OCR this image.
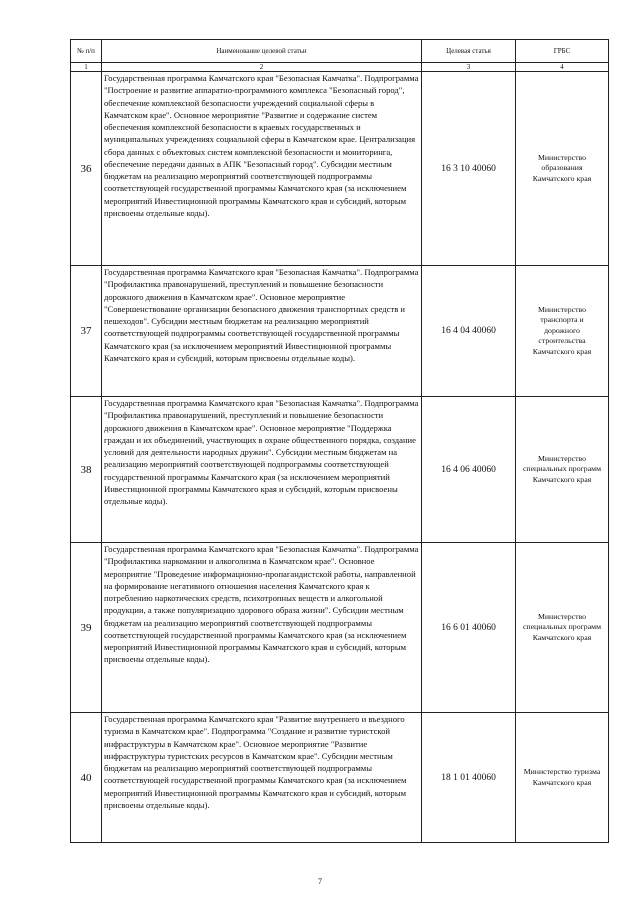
№ п/п	Наименование целевой статьи	Целевая статья	ГРБС
1	2	3	4
36	Государственная программа Камчатского края "Безопасная Камчатка". Подпрограмма "Построение и развитие аппаратно-программного комплекса "Безопасный город", обеспечение комплексной безопасности учреждений социальной сферы в Камчатском крае". Основное мероприятие "Развитие и содержание систем обеспечения комплексной безопасности в краевых государственных и муниципальных учреждениях социальной сферы в Камчатском крае. Централизация сбора данных с объектовых систем комплексной безопасности и мониторинга, обеспечение передачи данных в АПК "Безопасный город". Субсидии местным бюджетам на реализацию мероприятий соответствующей подпрограммы соответствующей государственной программы Камчатского края (за исключением мероприятий Инвестиционной программы Камчатского края и субсидий, которым присвоены отдельные коды).	16 3 10 40060	Министерство образования Камчатского края
37	Государственная программа Камчатского края "Безопасная Камчатка". Подпрограмма "Профилактика правонарушений, преступлений и повышение безопасности дорожного движения в Камчатском крае". Основное мероприятие "Совершенствование организации безопасного движения транспортных средств и пешеходов". Субсидии местным бюджетам на реализацию мероприятий соответствующей подпрограммы соответствующей государственной программы Камчатского края (за исключением мероприятий Инвестиционной программы Камчатского края и субсидий, которым присвоены отдельные коды).	16 4 04 40060	Министерство транспорта и дорожного строительства Камчатского края
38	Государственная программа Камчатского края "Безопасная Камчатка". Подпрограмма "Профилактика правонарушений, преступлений и повышение безопасности дорожного движения в Камчатском крае". Основное мероприятие "Поддержка граждан и их объединений, участвующих в охране общественного порядка, создание условий для деятельности народных дружин". Субсидии местным бюджетам на реализацию мероприятий соответствующей подпрограммы соответствующей государственной программы Камчатского края (за исключением мероприятий Инвестиционной программы Камчатского края и субсидий, которым присвоены отдельные коды).	16 4 06 40060	Министерство специальных программ Камчатского края
39	Государственная программа Камчатского края "Безопасная Камчатка". Подпрограмма "Профилактика наркомании и алкоголизма в Камчатском крае". Основное мероприятие "Проведение информационно-пропагандистской работы, направленной на формирование негативного отношения населения Камчатского края к потреблению наркотических средств, психотропных веществ и алкогольной продукции, а также популяризацию здорового образа жизни". Субсидии местным бюджетам на реализацию мероприятий соответствующей подпрограммы соответствующей государственной программы Камчатского края (за исключением мероприятий Инвестиционной программы Камчатского края и субсидий, которым присвоены отдельные коды).	16 6 01 40060	Министерство специальных программ Камчатского края
40	Государственная программа Камчатского края "Развитие внутреннего и въездного туризма в Камчатском крае". Подпрограмма "Создание и развитие туристской инфраструктуры в Камчатском крае". Основное мероприятие "Развитие инфраструктуры туристских ресурсов в Камчатском крае". Субсидии местным бюджетам на реализацию мероприятий соответствующей подпрограммы соответствующей государственной программы Камчатского края (за исключением мероприятий Инвестиционной программы Камчатского края и субсидий, которым присвоены отдельные коды).	18 1 01 40060	Министерство туризма Камчатского края
7
